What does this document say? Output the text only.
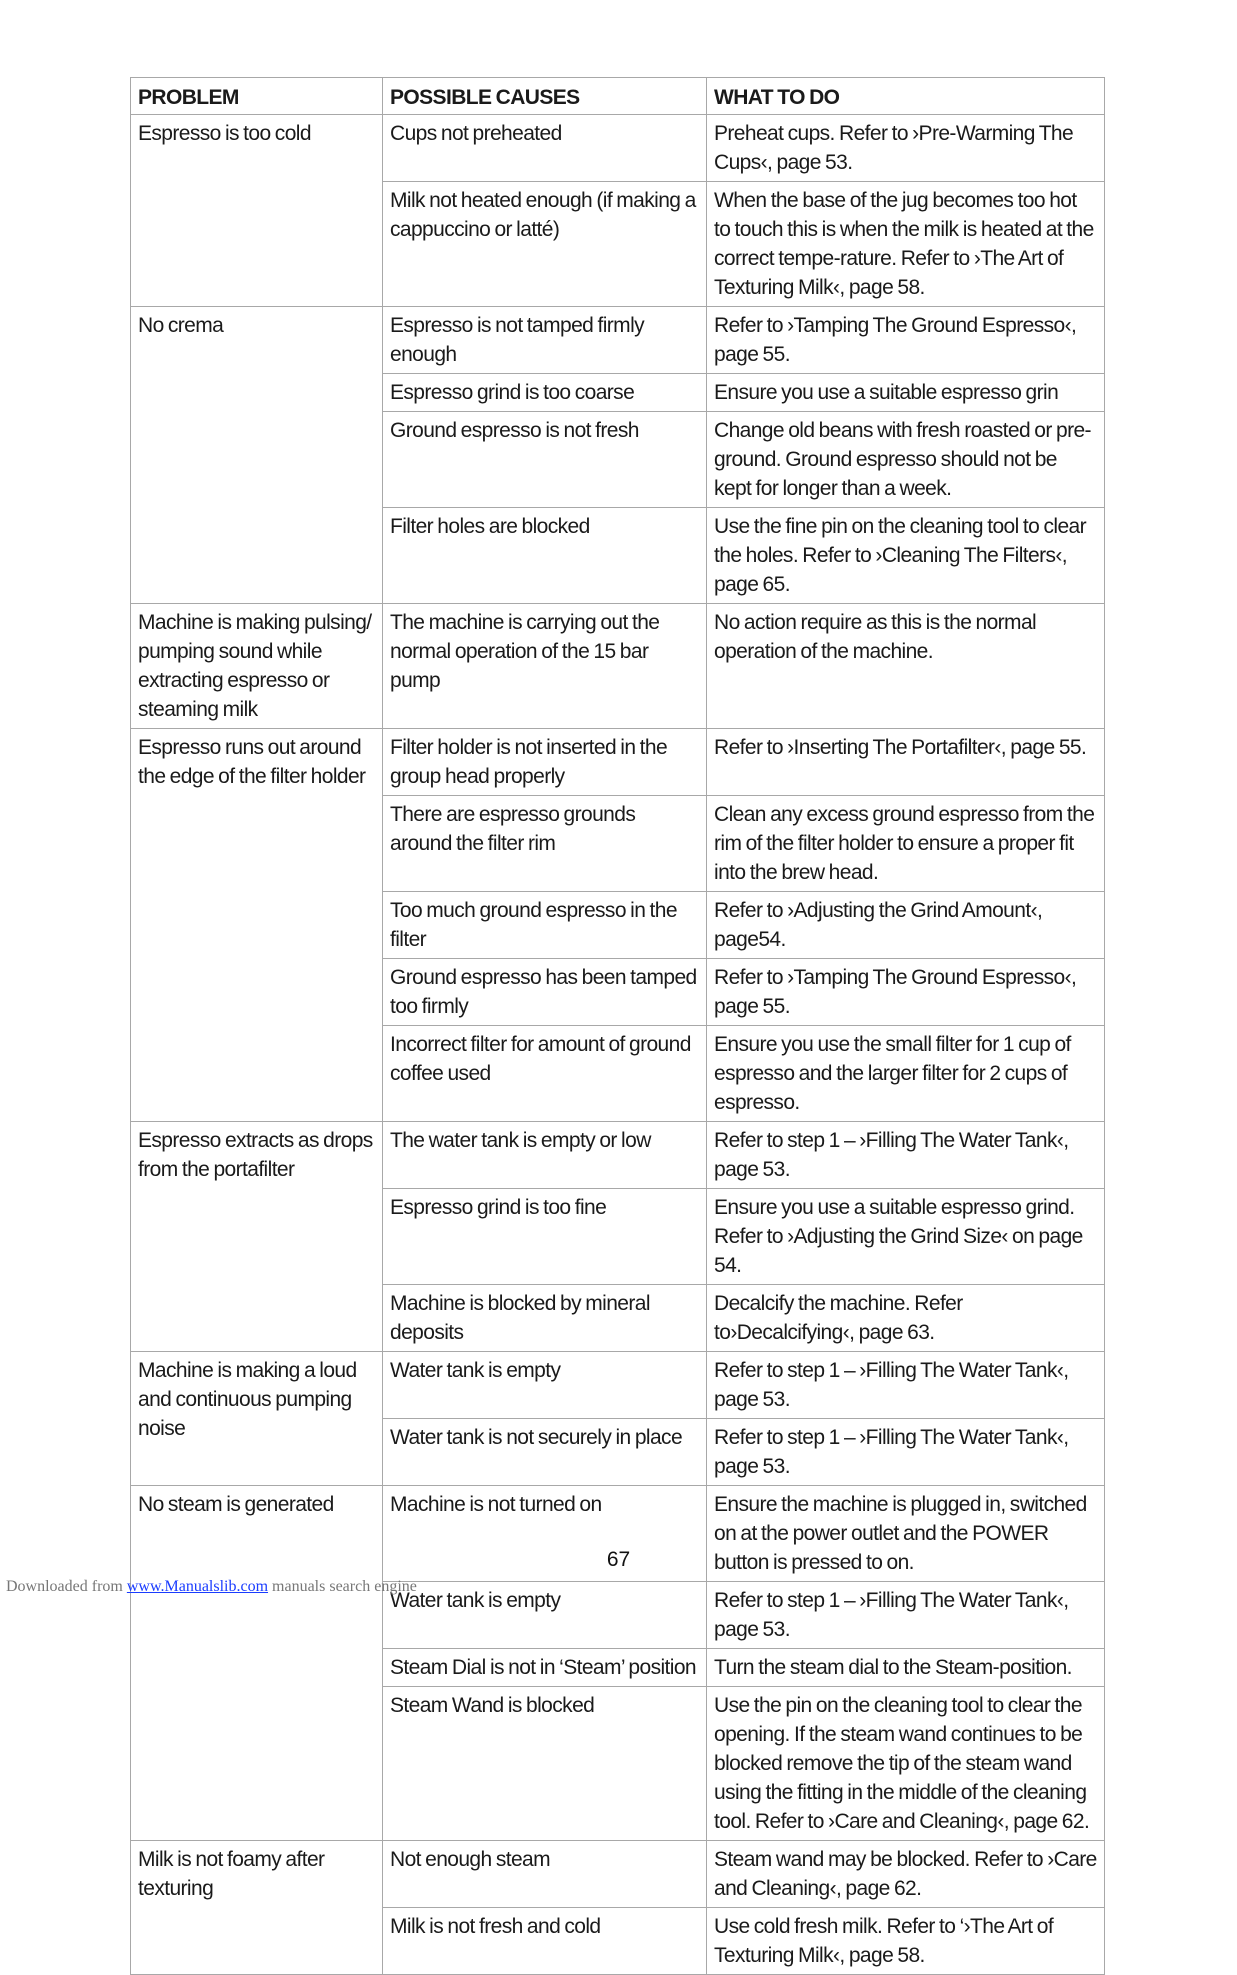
PROBLEM	POSSIBLE CAUSES	WHAT TO DO
Espresso is too cold	Cups not preheated	Preheat cups. Refer to ›Pre-Warming The Cups‹, page 53.
	Milk not heated enough (if making a cappuccino or latté)	When the base of the jug becomes too hot to touch this is when the milk is heated at the correct tempe-rature. Refer to ›The Art of Texturing Milk‹, page 58.
No crema	Espresso is not tamped firmly enough	Refer to ›Tamping The Ground Espresso‹, page 55.
	Espresso grind is too coarse	Ensure you use a suitable espresso grin
	Ground espresso is not fresh	Change old beans with fresh roasted or pre-ground. Ground espresso should not be kept for longer than a week.
	Filter holes are blocked	Use the fine pin on the cleaning tool to clear the holes. Refer to ›Cleaning The Filters‹, page 65.
Machine is making pulsing/ pumping sound while extracting espresso or steaming milk	The machine is carrying out the normal operation of the 15 bar pump	No action require as this is the normal operation of the machine.
Espresso runs out around the edge of the filter holder	Filter holder is not inserted in the group head properly	Refer to ›Inserting The Portafilter‹, page 55.
	There are espresso grounds around the filter rim	Clean any excess ground espresso from the rim of the filter holder to ensure a proper fit into the brew head.
	Too much ground espresso in the filter	Refer to ›Adjusting the Grind Amount‹, page54.
	Ground espresso has been tamped too firmly	Refer to ›Tamping The Ground Espresso‹, page 55.
	Incorrect filter for amount of ground coffee used	Ensure you use the small filter for 1 cup of espresso and the larger filter for 2 cups of espresso.
Espresso extracts as drops from the portafilter	The water tank is empty or low	Refer to step 1 – ›Filling The Water Tank‹, page 53.
	Espresso grind is too fine	Ensure you use a suitable espresso grind. Refer to ›Adjusting the Grind Size‹ on page 54.
	Machine is blocked by mineral deposits	Decalcify the machine. Refer to›Decalcifying‹, page 63.
Machine is making a loud and continuous pumping noise	Water tank is empty	Refer to step 1 – ›Filling The Water Tank‹, page 53.
	Water tank is not securely in place	Refer to step 1 – ›Filling The Water Tank‹, page 53.
No steam is generated	Machine is not turned on	Ensure the machine is plugged in, switched on at the power outlet and the POWER button is pressed to on.
	Water tank is empty	Refer to step 1 – ›Filling The Water Tank‹, page 53.
	Steam Dial is not in ‘Steam’ position	Turn the steam dial to the Steam-position.
	Steam Wand is blocked	Use the pin on the cleaning tool to clear the opening. If the steam wand continues to be blocked remove the tip of the steam wand using the fitting in the middle of the cleaning tool. Refer to ›Care and Cleaning‹, page 62.
Milk is not foamy after texturing	Not enough steam	Steam wand may be blocked. Refer to ›Care and Cleaning‹, page 62.
	Milk is not fresh and cold	Use cold fresh milk. Refer to ‘›The Art of Texturing Milk‹, page 58.
67
Downloaded from www.Manualslib.com manuals search engine
